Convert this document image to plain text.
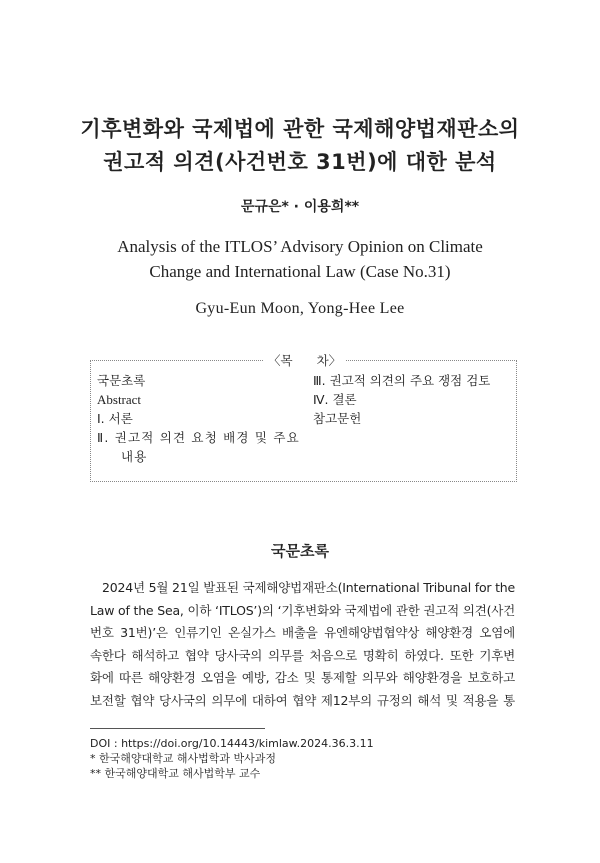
기후변화와 국제법에 관한 국제해양법재판소의
권고적 의견(사건번호 31번)에 대한 분석
문규은* · 이용희**
Analysis of the ITLOS’ Advisory Opinion on Climate
Change and International Law (Case No.31)
Gyu-Eun Moon, Yong-Hee Lee
〈목 차〉
국문초록
Abstract
Ⅰ. 서론
Ⅱ. 권고적 의견 요청 배경 및 주요 내용
Ⅲ. 권고적 의견의 주요 쟁점 검토
Ⅳ. 결론
참고문헌
국문초록
2024년 5월 21일 발표된 국제해양법재판소(International Tribunal for the
Law of the Sea, 이하 ‘ITLOS’)의 ‘기후변화와 국제법에 관한 권고적 의견(사건
번호 31번)’은 인류기인 온실가스 배출을 유엔해양법협약상 해양환경 오염에
속한다 해석하고 협약 당사국의 의무를 처음으로 명확히 하였다. 또한 기후변
화에 따른 해양환경 오염을 예방, 감소 및 통제할 의무와 해양환경을 보호하고
보전할 협약 당사국의 의무에 대하여 협약 제12부의 규정의 해석 및 적용을 통
DOI : https://doi.org/10.14443/kimlaw.2024.36.3.11
* 한국해양대학교 해사법학과 박사과정
** 한국해양대학교 해사법학부 교수
